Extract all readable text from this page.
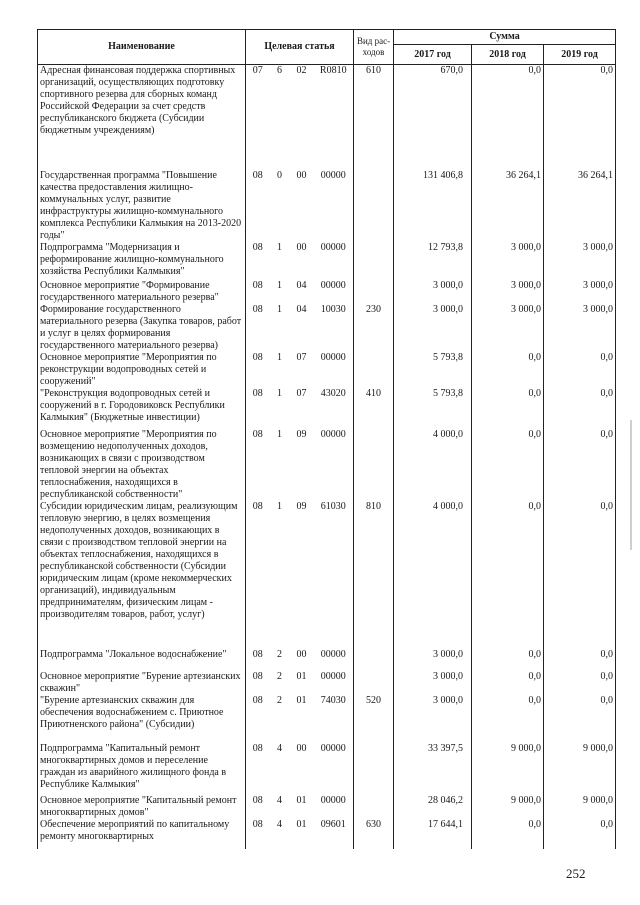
Наименование	Целевая статья				Вид рас-ходов	Сумма		
						2017 год	2018 год	2019 год
Адресная финансовая поддержка спортивных организаций, осуществляющих подготовку спортивного резерва для сборных команд Российской Федерации за счет средств республиканского бюджета (Субсидии бюджетным учреждениям)	07	6	02	R0810	610	670,0	0,0	0,0
Государственная программа "Повышение качества предоставления жилищно-коммунальных услуг, развитие инфраструктуры жилищно-коммунального комплекса Республики Калмыкия на 2013-2020 годы"	08	0	00	00000		131 406,8	36 264,1	36 264,1
Подпрограмма "Модернизация и реформирование жилищно-коммунального хозяйства Республики Калмыкия"	08	1	00	00000		12 793,8	3 000,0	3 000,0
Основное мероприятие "Формирование государственного материального резерва"	08	1	04	00000		3 000,0	3 000,0	3 000,0
Формирование государственного материального резерва (Закупка товаров, работ и услуг в целях формирования государственного материального резерва)	08	1	04	10030	230	3 000,0	3 000,0	3 000,0
Основное мероприятие "Мероприятия по реконструкции водопроводных сетей и сооружений"	08	1	07	00000		5 793,8	0,0	0,0
"Реконструкция водопроводных сетей и сооружений в г. Городовиковск Республики Калмыкия" (Бюджетные инвестиции)	08	1	07	43020	410	5 793,8	0,0	0,0
Основное мероприятие "Мероприятия по возмещению недополученных доходов, возникающих в связи с производством тепловой энергии на объектах теплоснабжения, находящихся в республиканской собственности"	08	1	09	00000		4 000,0	0,0	0,0
Субсидии юридическим лицам, реализующим тепловую энергию, в целях возмещения недополученных доходов, возникающих в связи с производством тепловой энергии на объектах теплоснабжения, находящихся в республиканской собственности (Субсидии юридическим лицам (кроме некоммерческих организаций), индивидуальным предпринимателям, физическим лицам - производителям товаров, работ, услуг)	08	1	09	61030	810	4 000,0	0,0	0,0
Подпрограмма "Локальное водоснабжение"	08	2	00	00000		3 000,0	0,0	0,0
Основное мероприятие "Бурение артезианских скважин"	08	2	01	00000		3 000,0	0,0	0,0
"Бурение артезианских скважин для обеспечения водоснабжением с. Приютное Приютненского района" (Субсидии)	08	2	01	74030	520	3 000,0	0,0	0,0
Подпрограмма "Капитальный ремонт многоквартирных домов и переселение граждан из аварийного жилищного фонда в Республике Калмыкия"	08	4	00	00000		33 397,5	9 000,0	9 000,0
Основное мероприятие "Капитальный ремонт многоквартирных домов"	08	4	01	00000		28 046,2	9 000,0	9 000,0
Обеспечение мероприятий по капитальному ремонту многоквартирных	08	4	01	09601	630	17 644,1	0,0	0,0
252
